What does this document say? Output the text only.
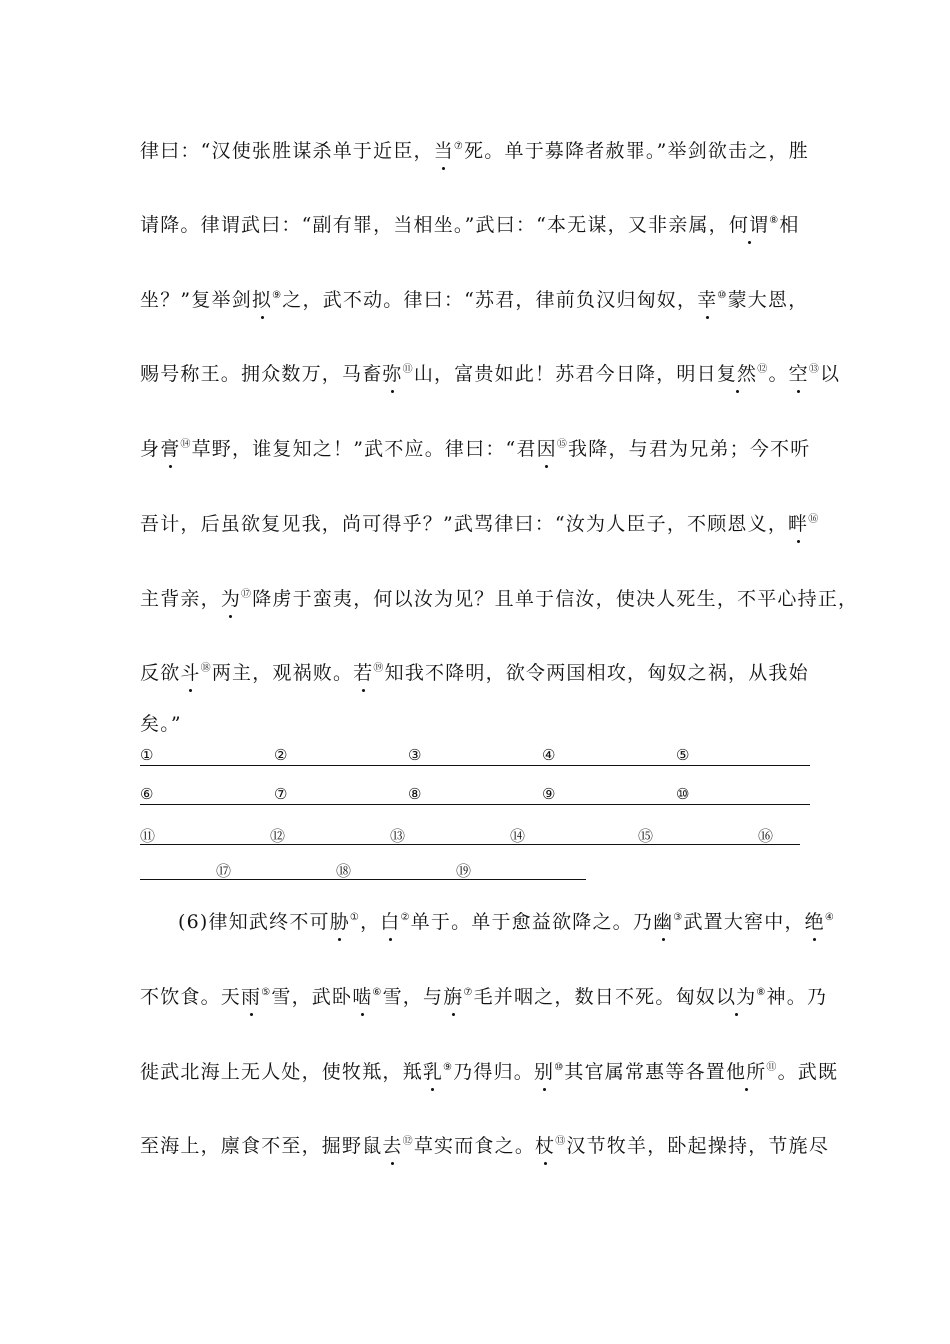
律曰：“汉使张胜谋杀单于近臣，当⑦死。单于募降者赦罪。”举剑欲击之，胜
请降。律谓武曰：“副有罪，当相坐。”武曰：“本无谋，又非亲属，何谓⑧相
坐？”复举剑拟⑨之，武不动。律曰：“苏君，律前负汉归匈奴，幸⑩蒙大恩，
赐号称王。拥众数万，马畜弥⑪山，富贵如此！苏君今日降，明日复然⑫。空⑬以
身膏⑭草野，谁复知之！”武不应。律曰：“君因⑮我降，与君为兄弟；今不听
吾计，后虽欲复见我，尚可得乎？”武骂律曰：“汝为人臣子，不顾恩义，畔⑯
主背亲，为⑰降虏于蛮夷，何以汝为见？且单于信汝，使决人死生，不平心持正，
反欲斗⑱两主，观祸败。若⑲知我不降明，欲令两国相攻，匈奴之祸，从我始
矣。”
①	②	③	④	⑤
⑥	⑦	⑧	⑨	⑩
⑪	⑫	⑬	⑭	⑮	⑯
⑰	⑱	⑲
(6)律知武终不可胁①，白②单于。单于愈益欲降之。乃幽③武置大窖中，绝④
不饮食。天雨⑤雪，武卧啮⑥雪，与旃⑦毛并咽之，数日不死。匈奴以为⑧神。乃
徙武北海上无人处，使牧羝，羝乳⑨乃得归。别⑩其官属常惠等各置他所⑪。武既
至海上，廪食不至，掘野鼠去⑫草实而食之。杖⑬汉节牧羊，卧起操持，节旄尽
